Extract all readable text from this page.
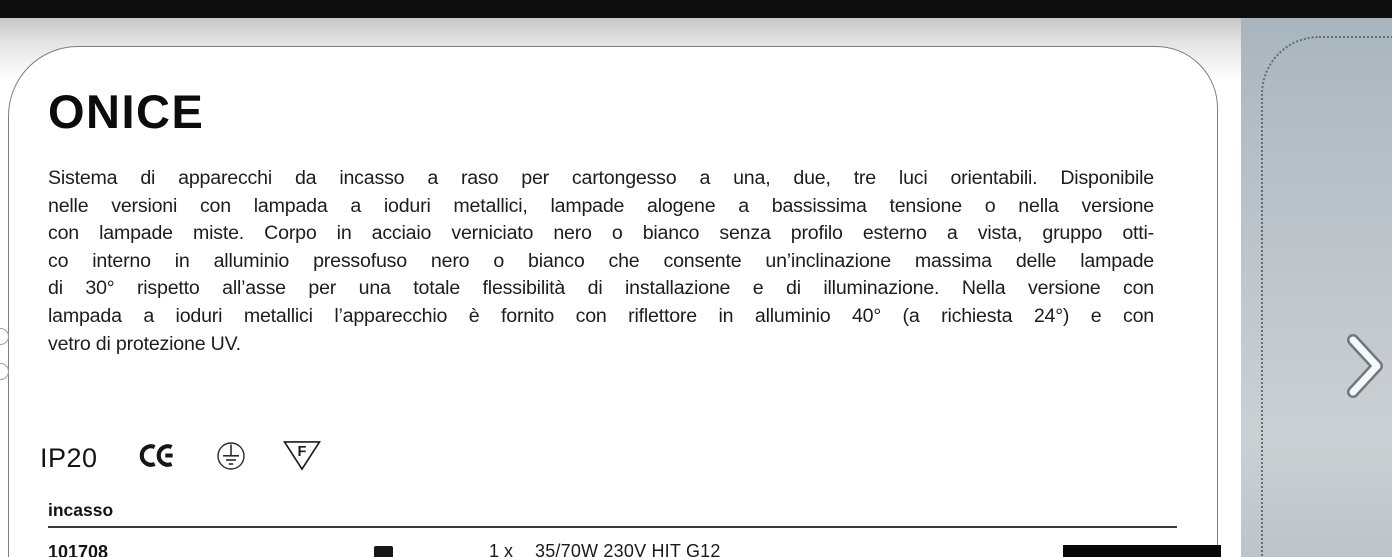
ONICE
Sistema di apparecchi da incasso a raso per cartongesso a una, due, tre luci orientabili. Disponibile
nelle versioni con lampada a ioduri metallici, lampade alogene a bassissima tensione o nella versione
con lampade miste. Corpo in acciaio verniciato nero o bianco senza profilo esterno a vista, gruppo otti-
co interno in alluminio pressofuso nero o bianco che consente un’inclinazione massima delle lampade
di 30° rispetto all’asse per una totale flessibilità di installazione e di illuminazione. Nella versione con
lampada a ioduri metallici l’apparecchio è fornito con riflettore in alluminio 40° (a richiesta 24°) e con
vetro di protezione UV.
IP20	F
incasso
101708	1 x 35/70W 230V HIT G12
